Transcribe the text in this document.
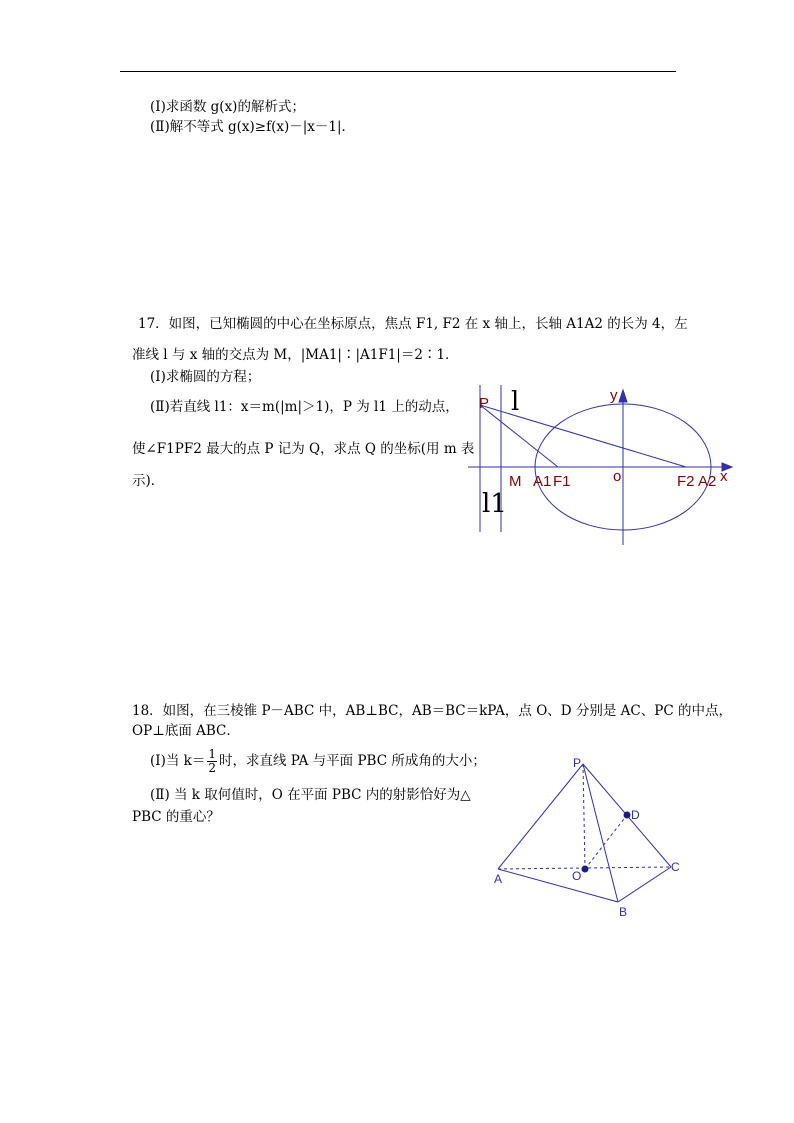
(Ⅰ)求函数 g(x)的解析式；
(Ⅱ)解不等式 g(x)≥f(x)－|x－1|．
17．如图，已知椭圆的中心在坐标原点，焦点 F1, F2 在 x 轴上，长轴 A1A2 的长为 4，左
准线 l 与 x 轴的交点为 M，|MA1|∶|A1F1|＝2∶1．
(Ⅰ)求椭圆的方程；
(Ⅱ)若直线 l1：x＝m(|m|＞1)，P 为 l1 上的动点，
使∠F1PF2 最大的点 P 记为 Q，求点 Q 的坐标(用 m 表
示)．
P
M A1 F1	o	F2 A2 x
y
l
l1
18．如图，在三棱锥 P－ABC 中，AB⊥BC，AB＝BC＝kPA，点 O、D 分别是 AC、PC 的中点，
OP⊥底面 ABC．
(Ⅰ)当 $k= \frac{1}{2}$ 时，求直线 PA 与平面 PBC 所成角的大小；
(Ⅱ) 当 k 取何值时，O 在平面 PBC 内的射影恰好为△
PBC 的重心？
P
D
C
A	O
B
